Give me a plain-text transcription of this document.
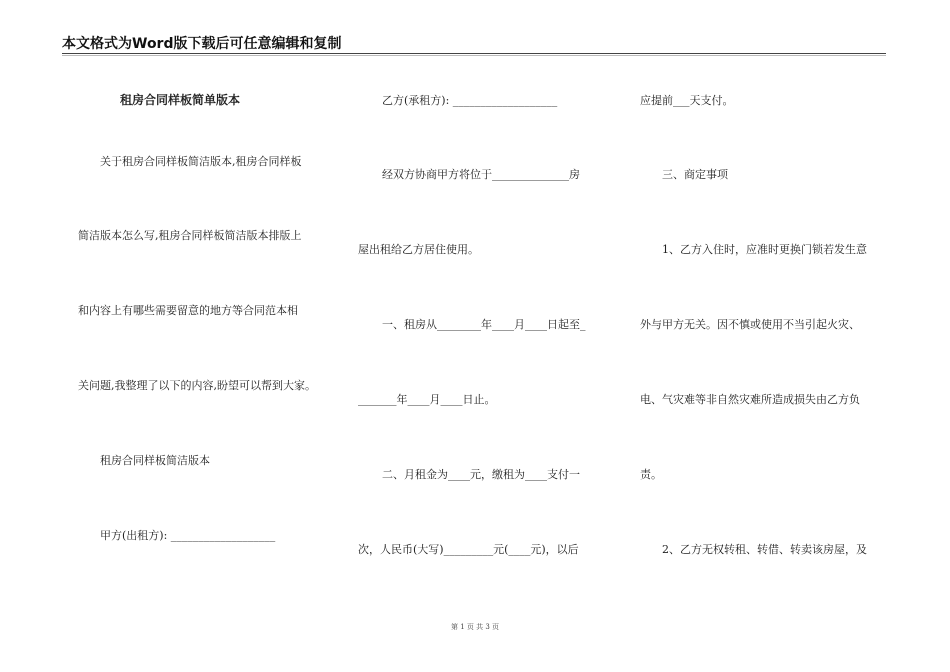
本文格式为Word版下载后可任意编辑和复制
租房合同样板简单版本
关于租房合同样板简洁版本,租房合同样板
简洁版本怎么写,租房合同样板简洁版本排版上
和内容上有哪些需要留意的地方等合同范本相
关问题,我整理了以下的内容,盼望可以帮到大家。
租房合同样板简洁版本
甲方(出租方): ___________________
乙方(承租方): ___________________
经双方协商甲方将位于______________房
屋出租给乙方居住使用。
一、租房从________年____月____日起至_
_______年____月____日止。
二、月租金为____元，缴租为____支付一
次，人民币(大写)_________元(____元)，以后
应提前___天支付。
三、商定事项
1、乙方入住时，应准时更换门锁若发生意
外与甲方无关。因不慎或使用不当引起火灾、
电、气灾难等非自然灾难所造成损失由乙方负
责。
2、乙方无权转租、转借、转卖该房屋，及
第 1 页 共 3 页
